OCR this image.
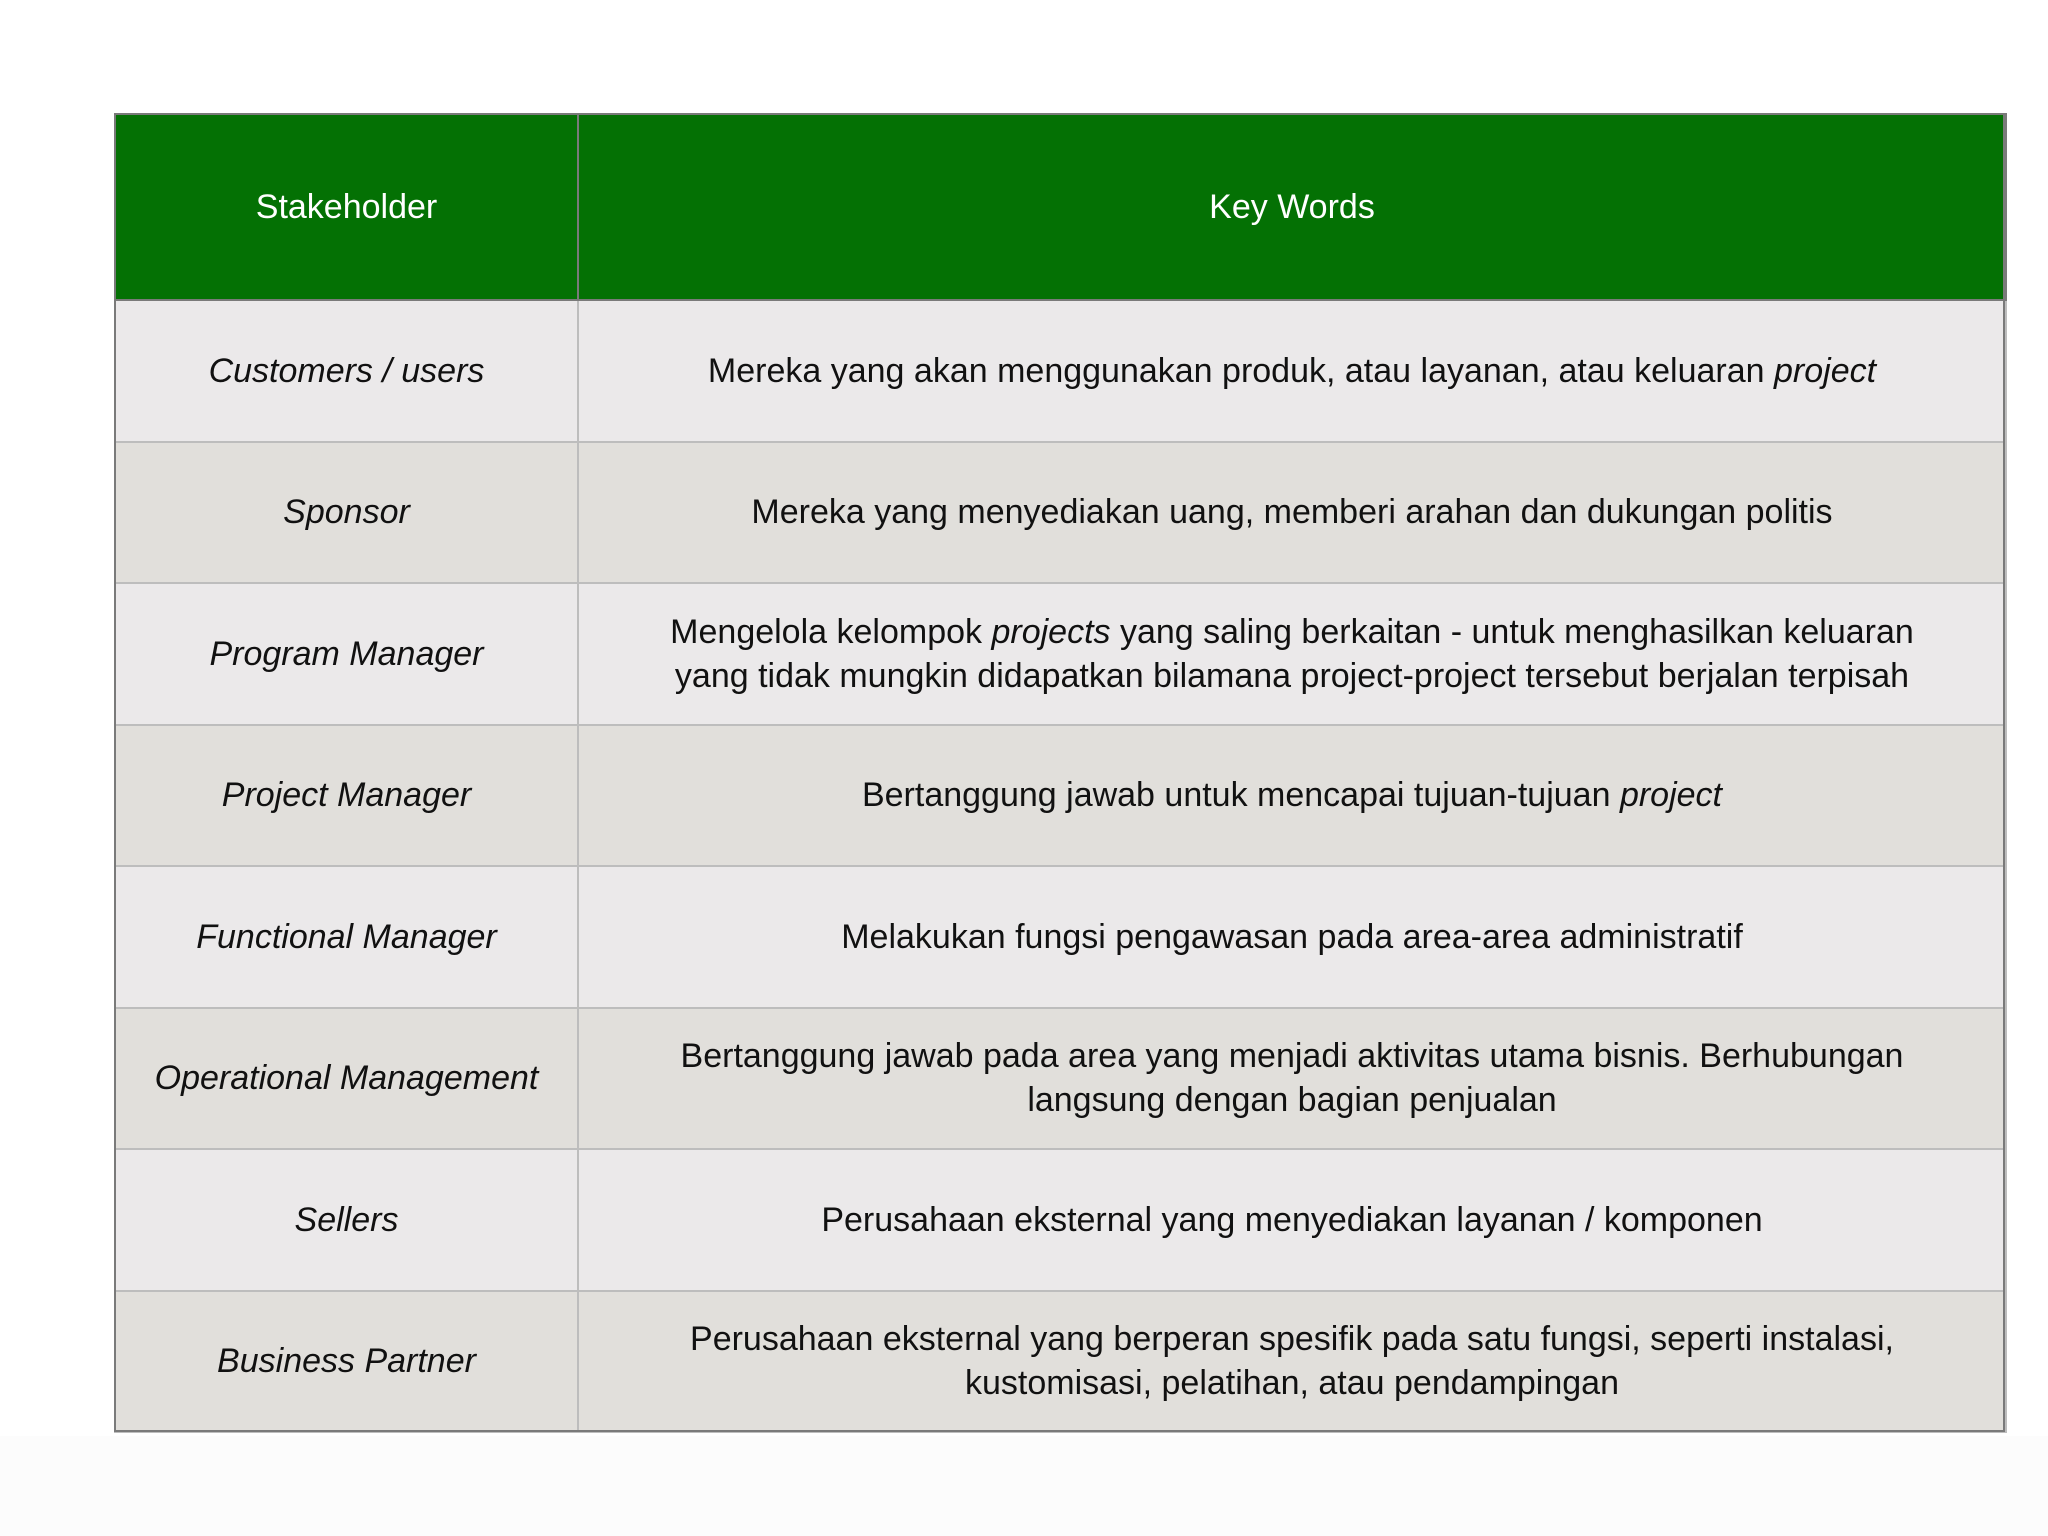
Stakeholder	Key Words
Customers / users	Mereka yang akan menggunakan produk, atau layanan, atau keluaran project
Sponsor	Mereka yang menyediakan uang, memberi arahan dan dukungan politis
Program Manager	Mengelola kelompok projects yang saling berkaitan - untuk menghasilkan keluaran
yang tidak mungkin didapatkan bilamana project-project tersebut berjalan terpisah
Project Manager	Bertanggung jawab untuk mencapai tujuan-tujuan project
Functional Manager	Melakukan fungsi pengawasan pada area-area administratif
Operational Management	Bertanggung jawab pada area yang menjadi aktivitas utama bisnis. Berhubungan
langsung dengan bagian penjualan
Sellers	Perusahaan eksternal yang menyediakan layanan / komponen
Business Partner	Perusahaan eksternal yang berperan spesifik pada satu fungsi, seperti instalasi,
kustomisasi, pelatihan, atau pendampingan
